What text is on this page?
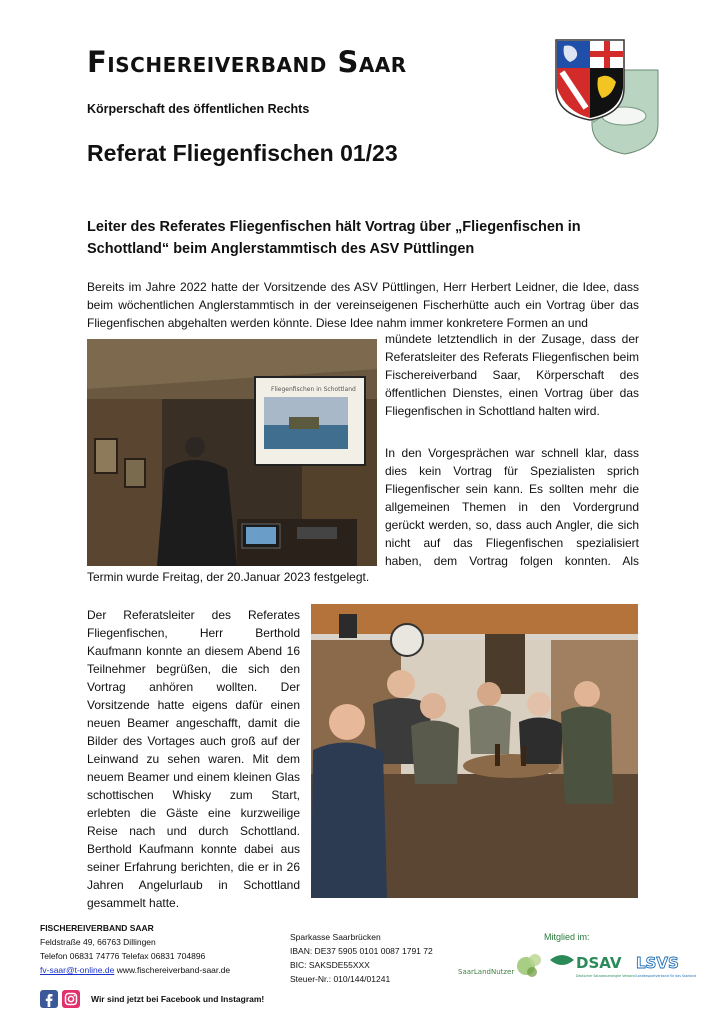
Fischereiverband Saar
Körperschaft des öffentlichen Rechts
Referat Fliegenfischen 01/23
Leiter des Referates Fliegenfischen hält Vortrag über „Fliegenfischen in Schottland“ beim Anglerstammtisch des ASV Püttlingen
Bereits im Jahre 2022 hatte der Vorsitzende des ASV Püttlingen, Herr Herbert Leidner, die Idee, dass beim wöchentlichen Anglerstammtisch in der vereinseigenen Fischerhütte auch ein Vortrag über das Fliegenfischen abgehalten werden könnte. Diese Idee nahm immer konkretere Formen an und
Fliegenfischen in Schottland
mündete letztendlich in der Zusage, dass der Referatsleiter des Referats Fliegenfischen beim Fischereiverband Saar, Körperschaft des öffentlichen Dienstes, einen Vortrag über das Fliegenfischen in Schottland halten wird.
In den Vorgesprächen war schnell klar, dass dies kein Vortrag für Spezialisten sprich Fliegenfischer sein kann. Es sollten mehr die allgemeinen Themen in den Vordergrund gerückt werden, so, dass auch Angler, die sich nicht auf das Fliegenfischen spezialisiert haben, dem Vortrag folgen konnten. Als
Termin wurde Freitag, der 20.Januar 2023 festgelegt.
Der Referatsleiter des Referates Fliegenfischen, Herr Berthold Kaufmann konnte an diesem Abend 16 Teilnehmer begrüßen, die sich den Vortrag anhören wollten. Der Vorsitzende hatte eigens dafür einen neuen Beamer angeschafft, damit die Bilder des Vortages auch groß auf der Leinwand zu sehen waren. Mit dem neuem Beamer und einem kleinen Glas schottischen Whisky zum Start, erlebten die Gäste eine kurzweilige Reise nach und durch Schottland. Berthold Kaufmann konnte dabei aus seiner Erfahrung berichten, die er in 26 Jahren Angelurlaub in Schottland gesammelt hatte.
FISCHEREIVERBAND SAAR
Feldstraße 49, 66763 Dillingen
Telefon 06831 74776 Telefax 06831 704896
fv-saar@t-online.de www.fischereiverband-saar.de
Sparkasse Saarbrücken
IBAN: DE37 5905 0101 0087 1791 72
BIC: SAKSDE55XXX
Steuer-Nr.: 010/144/01241
Mitglied im:
SaarLandNutzer	DSAV
Deutscher Salzwasserangler Verband
LSVS
Landessportverband für das Saarland
Wir sind jetzt bei Facebook und Instagram!
